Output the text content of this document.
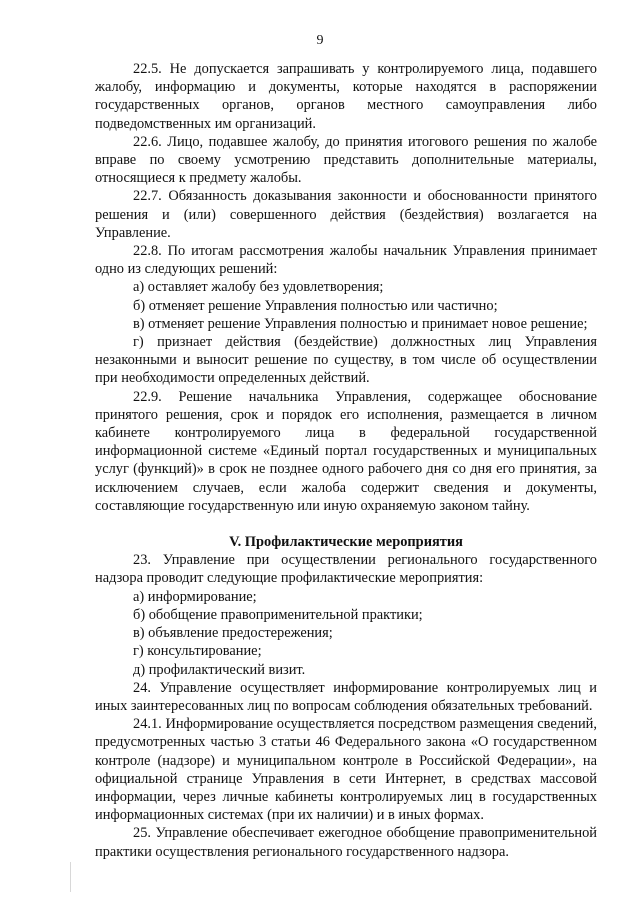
9

22.5. Не допускается запрашивать у контролируемого лица, подавшего жалобу, информацию и документы, которые находятся в распоряжении государственных органов, органов местного самоуправления либо подведомственных им организаций.

22.6. Лицо, подавшее жалобу, до принятия итогового решения по жалобе вправе по своему усмотрению представить дополнительные материалы, относящиеся к предмету жалобы.

22.7. Обязанность доказывания законности и обоснованности принятого решения и (или) совершенного действия (бездействия) возлагается на Управление.

22.8. По итогам рассмотрения жалобы начальник Управления принимает одно из следующих решений:

а) оставляет жалобу без удовлетворения;

б) отменяет решение Управления полностью или частично;

в) отменяет решение Управления полностью и принимает новое решение;

г) признает действия (бездействие) должностных лиц Управления незаконными и выносит решение по существу, в том числе об осуществлении при необходимости определенных действий.

22.9. Решение начальника Управления, содержащее обоснование принятого решения, срок и порядок его исполнения, размещается в личном кабинете контролируемого лица в федеральной государственной информационной системе «Единый портал государственных и муниципальных услуг (функций)» в срок не позднее одного рабочего дня со дня его принятия, за исключением случаев, если жалоба содержит сведения и документы, составляющие государственную или иную охраняемую законом тайну.

V. Профилактические мероприятия

23. Управление при осуществлении регионального государственного надзора проводит следующие профилактические мероприятия:

а) информирование;

б) обобщение правоприменительной практики;

в) объявление предостережения;

г) консультирование;

д) профилактический визит.

24. Управление осуществляет информирование контролируемых лиц и иных заинтересованных лиц по вопросам соблюдения обязательных требований.

24.1. Информирование осуществляется посредством размещения сведений, предусмотренных частью 3 статьи 46 Федерального закона «О государственном контроле (надзоре) и муниципальном контроле в Российской Федерации», на официальной странице Управления в сети Интернет, в средствах массовой информации, через личные кабинеты контролируемых лиц в государственных информационных системах (при их наличии) и в иных формах.

25. Управление обеспечивает ежегодное обобщение правоприменительной практики осуществления регионального государственного надзора.
